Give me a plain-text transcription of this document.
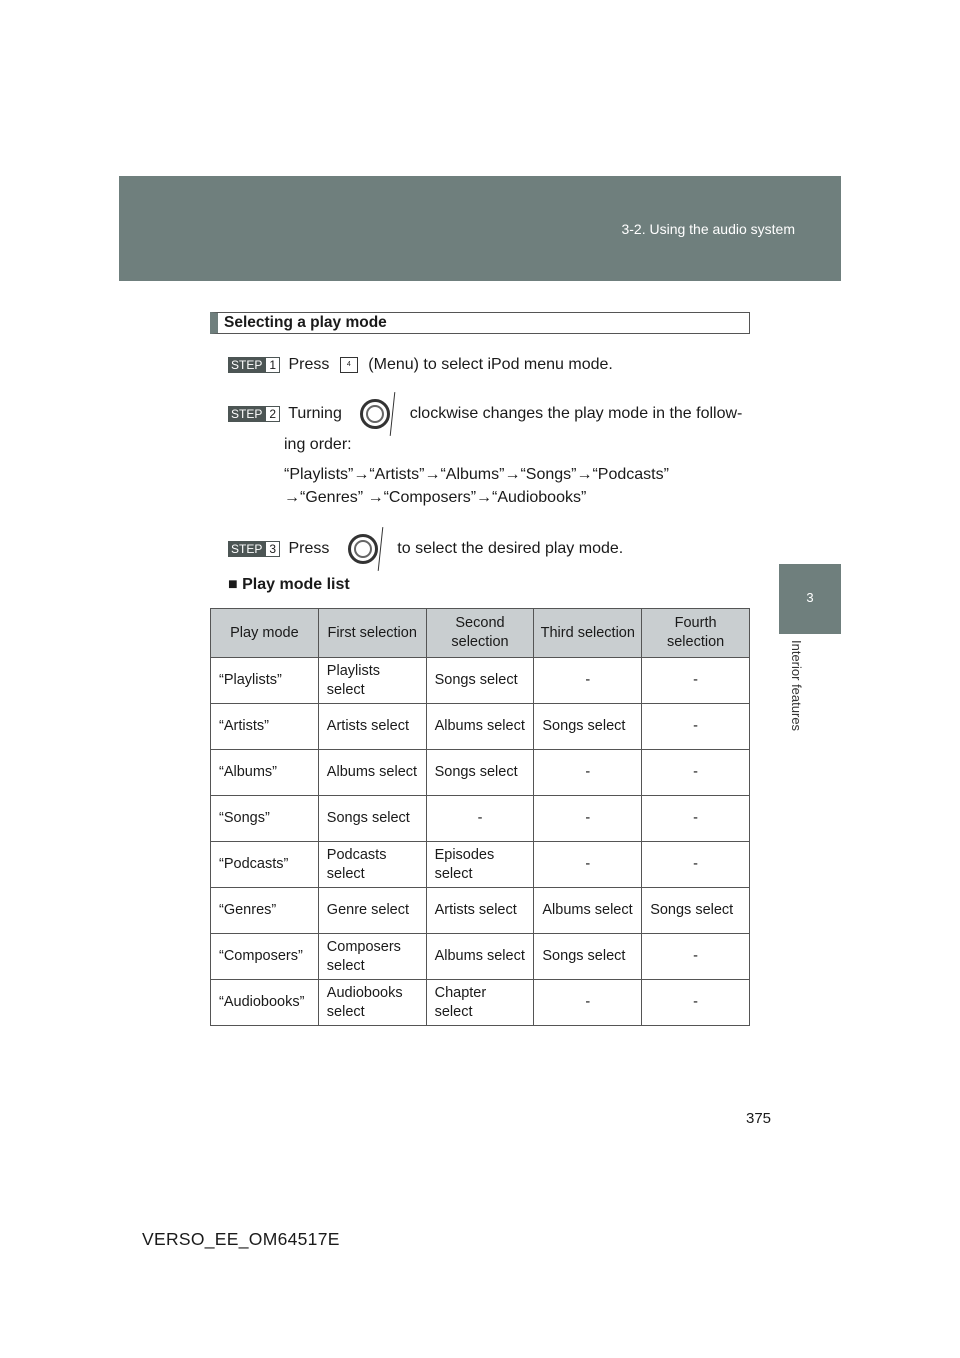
3-2. Using the audio system
3
Interior features
Selecting a play mode
STEP 1 Press	4 (Menu) to select iPod menu mode.
STEP 2 Turning	clockwise changes the play mode in the follow-
ing order:
“Playlists”→“Artists”→“Albums”→“Songs”→“Podcasts”
→“Genres” →“Composers”→“Audiobooks”
STEP 3 Press	to select the desired play mode.
■ Play mode list
Play mode	First selection	Second selection	Third selection	Fourth selection
“Playlists”	Playlists select	Songs select	-	-
“Artists”	Artists select	Albums select	Songs select	-
“Albums”	Albums select	Songs select	-	-
“Songs”	Songs select	-	-	-
“Podcasts”	Podcasts select	Episodes select	-	-
“Genres”	Genre select	Artists select	Albums select	Songs select
“Composers”	Composers select	Albums select	Songs select	-
“Audiobooks”	Audiobooks select	Chapter select	-	-
375
VERSO_EE_OM64517E
